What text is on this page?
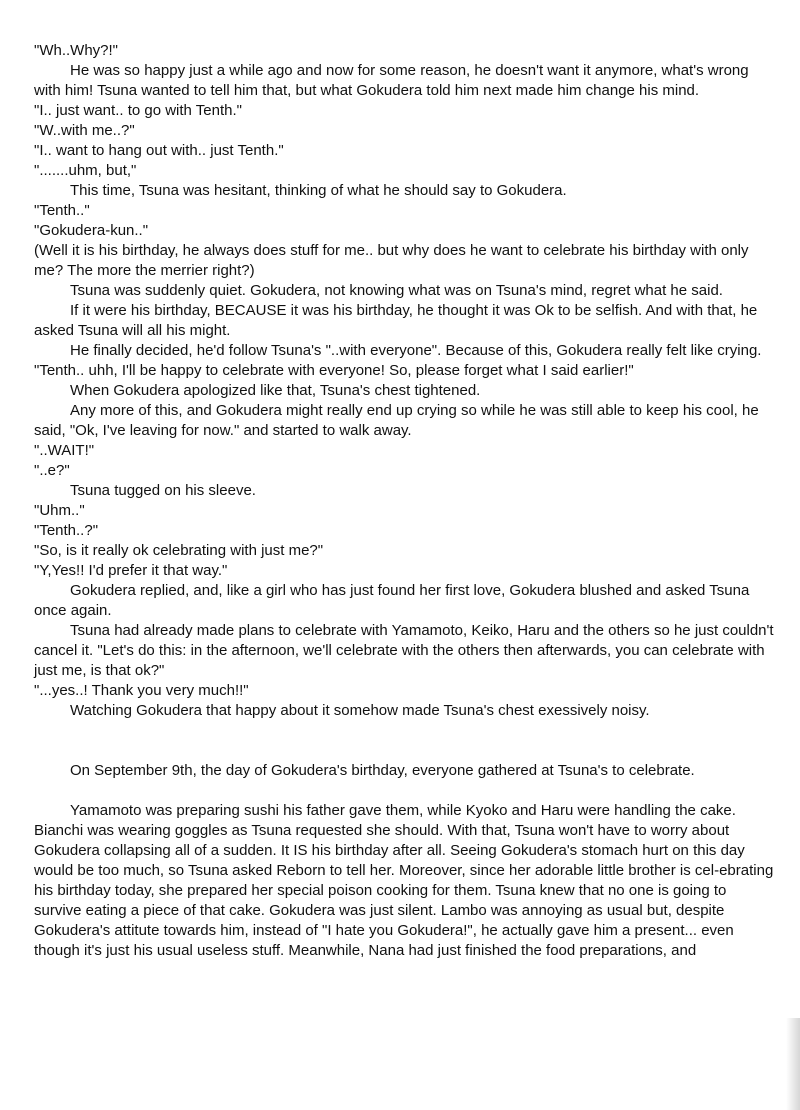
"Wh..Why?!"

He was so happy just a while ago and now for some reason, he doesn't want it anymore, what's wrong with him! Tsuna wanted to tell him that, but what Gokudera told him next made him change his mind.

"I.. just want.. to go with Tenth."

"W..with me..?"

"I.. want to hang out with.. just Tenth."

".......uhm, but,"

This time, Tsuna was hesitant, thinking of what he should say to Gokudera.

"Tenth.."

"Gokudera-kun.."

(Well it is his birthday, he always does stuff for me.. but why does he want to celebrate his birthday with only me? The more the merrier right?)

Tsuna was suddenly quiet. Gokudera, not knowing what was on Tsuna's mind, regret what he said.

If it were his birthday, BECAUSE it was his birthday, he thought it was Ok to be selfish. And with that, he asked Tsuna will all his might.

He finally decided, he'd follow Tsuna's "..with everyone". Because of this, Gokudera really felt like crying.

"Tenth.. uhh, I'll be happy to celebrate with everyone! So, please forget what I said earlier!"

When Gokudera apologized like that, Tsuna's chest tightened.

Any more of this, and Gokudera might really end up crying so while he was still able to keep his cool, he said, "Ok, I've leaving for now." and started to walk away.

"..WAIT!"

"..e?"

Tsuna tugged on his sleeve.

"Uhm.."

"Tenth..?"

"So, is it really ok celebrating with just me?"

"Y,Yes!! I'd prefer it that way."

Gokudera replied, and, like a girl who has just found her first love, Gokudera blushed and asked Tsuna once again.

Tsuna had already made plans to celebrate with Yamamoto, Keiko, Haru and the others so he just couldn't cancel it. "Let's do this: in the afternoon, we'll celebrate with the others then afterwards, you can celebrate with just me, is that ok?"

"...yes..! Thank you very much!!"

Watching Gokudera that happy about it somehow made Tsuna's chest exessively noisy.

On September 9th, the day of Gokudera's birthday, everyone gathered at Tsuna's to celebrate.

Yamamoto was preparing sushi his father gave them, while Kyoko and Haru were handling the cake. Bianchi was wearing goggles as Tsuna requested she should. With that, Tsuna won't have to worry about Gokudera collapsing all of a sudden. It IS his birthday after all. Seeing Gokudera's stomach hurt on this day would be too much, so Tsuna asked Reborn to tell her. Moreover, since her adorable little brother is cel-ebrating his birthday today, she prepared her special poison cooking for them. Tsuna knew that no one is going to survive eating a piece of that cake. Gokudera was just silent. Lambo was annoying as usual but, despite Gokudera's attitute towards him, instead of "I hate you Gokudera!", he actually gave him a present... even though it's just his usual useless stuff. Meanwhile, Nana had just finished the food preparations, and
